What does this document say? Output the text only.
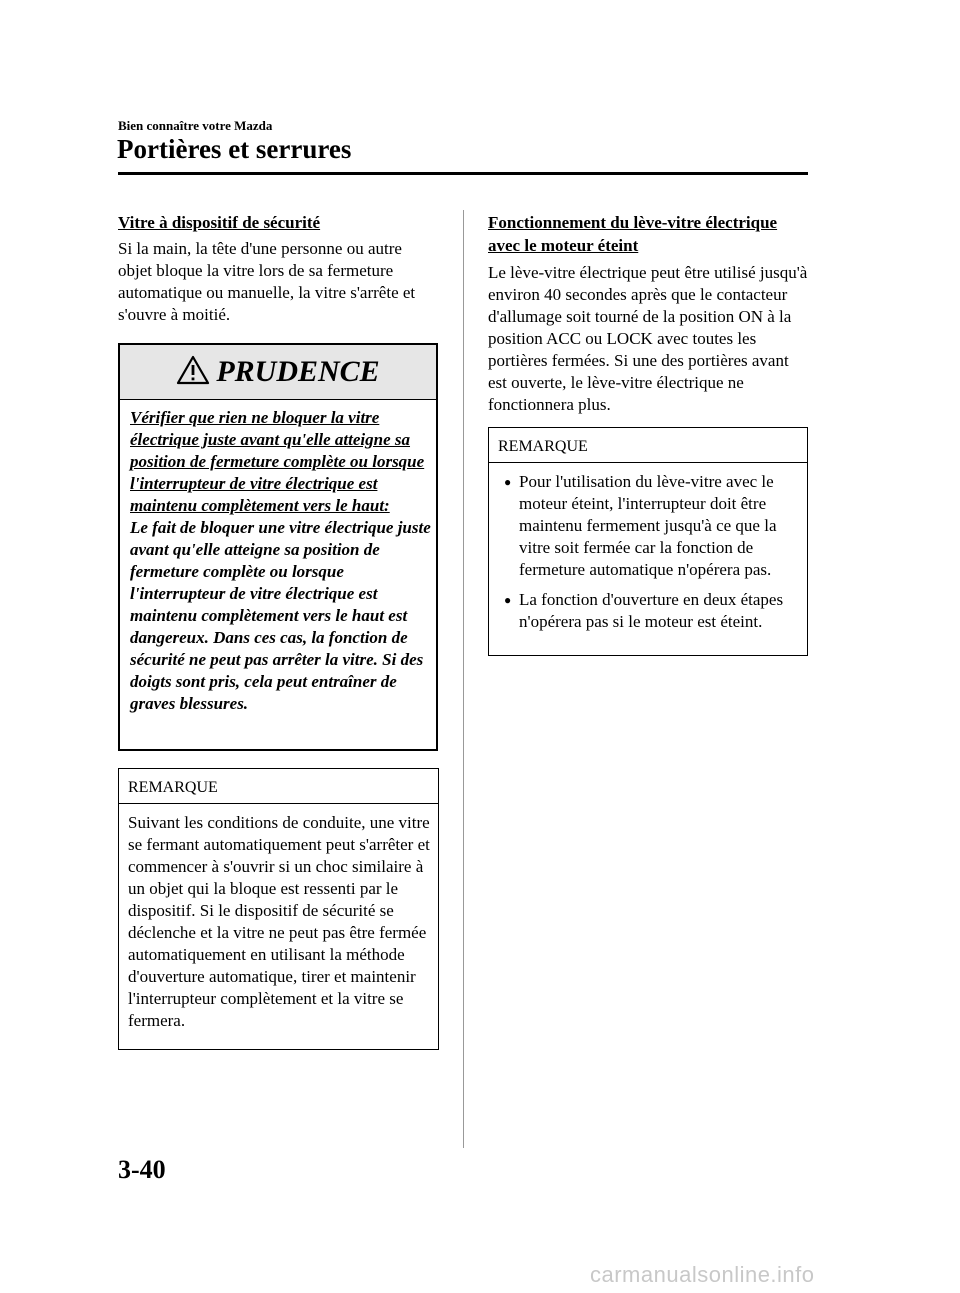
Bien connaître votre Mazda
Portières et serrures
Vitre à dispositif de sécurité
Si la main, la tête d'une personne ou autre objet bloque la vitre lors de sa fermeture automatique ou manuelle, la vitre s'arrête et s'ouvre à moitié.
PRUDENCE
Vérifier que rien ne bloquer la vitre électrique juste avant qu'elle atteigne sa position de fermeture complète ou lorsque l'interrupteur de vitre électrique est maintenu complètement vers le haut:
Le fait de bloquer une vitre électrique juste avant qu'elle atteigne sa position de fermeture complète ou lorsque l'interrupteur de vitre électrique est maintenu complètement vers le haut est dangereux. Dans ces cas, la fonction de sécurité ne peut pas arrêter la vitre. Si des doigts sont pris, cela peut entraîner de graves blessures.
REMARQUE
Suivant les conditions de conduite, une vitre se fermant automatiquement peut s'arrêter et commencer à s'ouvrir si un choc similaire à un objet qui la bloque est ressenti par le dispositif. Si le dispositif de sécurité se déclenche et la vitre ne peut pas être fermée automatiquement en utilisant la méthode d'ouverture automatique, tirer et maintenir l'interrupteur complètement et la vitre se fermera.
Fonctionnement du lève-vitre électrique avec le moteur éteint
Le lève-vitre électrique peut être utilisé jusqu'à environ 40 secondes après que le contacteur d'allumage soit tourné de la position ON à la position ACC ou LOCK avec toutes les portières fermées. Si une des portières avant est ouverte, le lève-vitre électrique ne fonctionnera plus.
REMARQUE
● Pour l'utilisation du lève-vitre avec le moteur éteint, l'interrupteur doit être maintenu fermement jusqu'à ce que la vitre soit fermée car la fonction de fermeture automatique n'opérera pas.
● La fonction d'ouverture en deux étapes n'opérera pas si le moteur est éteint.
3-40
carmanualsonline.info
